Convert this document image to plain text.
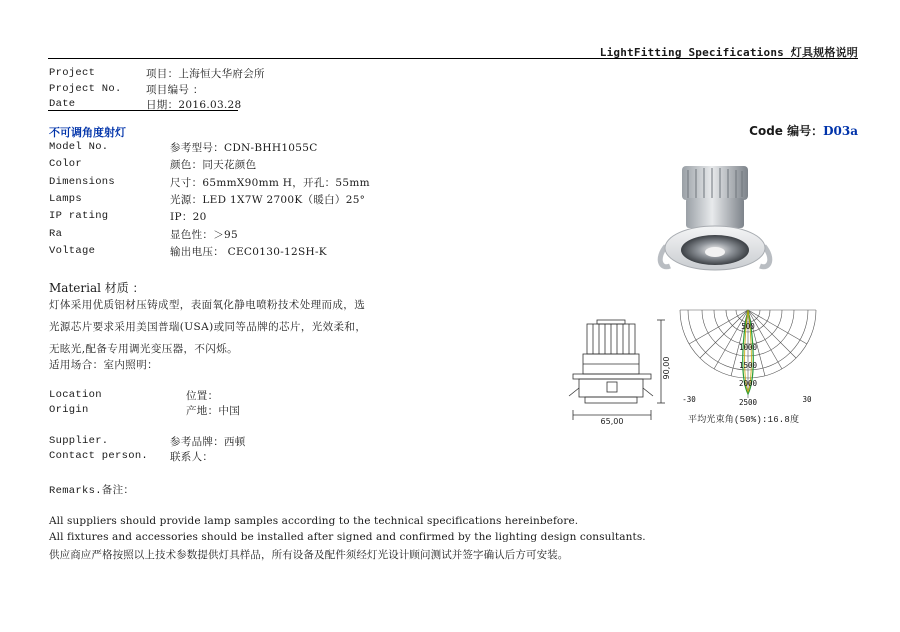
LightFitting Specifications 灯具规格说明
Project	项目：上海恒大华府会所
Project No. 项目编号 ：
Date	日期：2016.03.28
不可调角度射灯	Code 编号：D03a
Model No.	参考型号：CDN-BHH1055C
Color	颜色：同天花颜色
Dimensions	尺寸：65mmX90mm H，开孔：55mm
Lamps	光源：LED 1X7W 2700K（暖白）25°
IP rating	IP：20
Ra	显色性：＞95
Voltage	输出电压： CEC0130-12SH-K
90,00
65,00
500
1000
1500
2000
2500
-30	30
平均光束角(50%):16.8度
Material 材质 ：
灯体采用优质铝材压铸成型，表面氧化静电喷粉技术处理而成，选
光源芯片要求采用美国普瑞(USA)或同等品牌的芯片，光效柔和，
无眩光,配备专用调光变压器，不闪烁。
适用场合：室内照明：
Location	位置：
Origin	产地：中国
Supplier.	参考品牌：西顿
Contact person. 联系人：
Remarks.备注：
All suppliers should provide lamp samples according to the technical specifications hereinbefore.
All fixtures and accessories should be installed after signed and confirmed by the lighting design consultants.
供应商应严格按照以上技术参数提供灯具样品，所有设备及配件须经灯光设计顾问测试并签字确认后方可安装。
